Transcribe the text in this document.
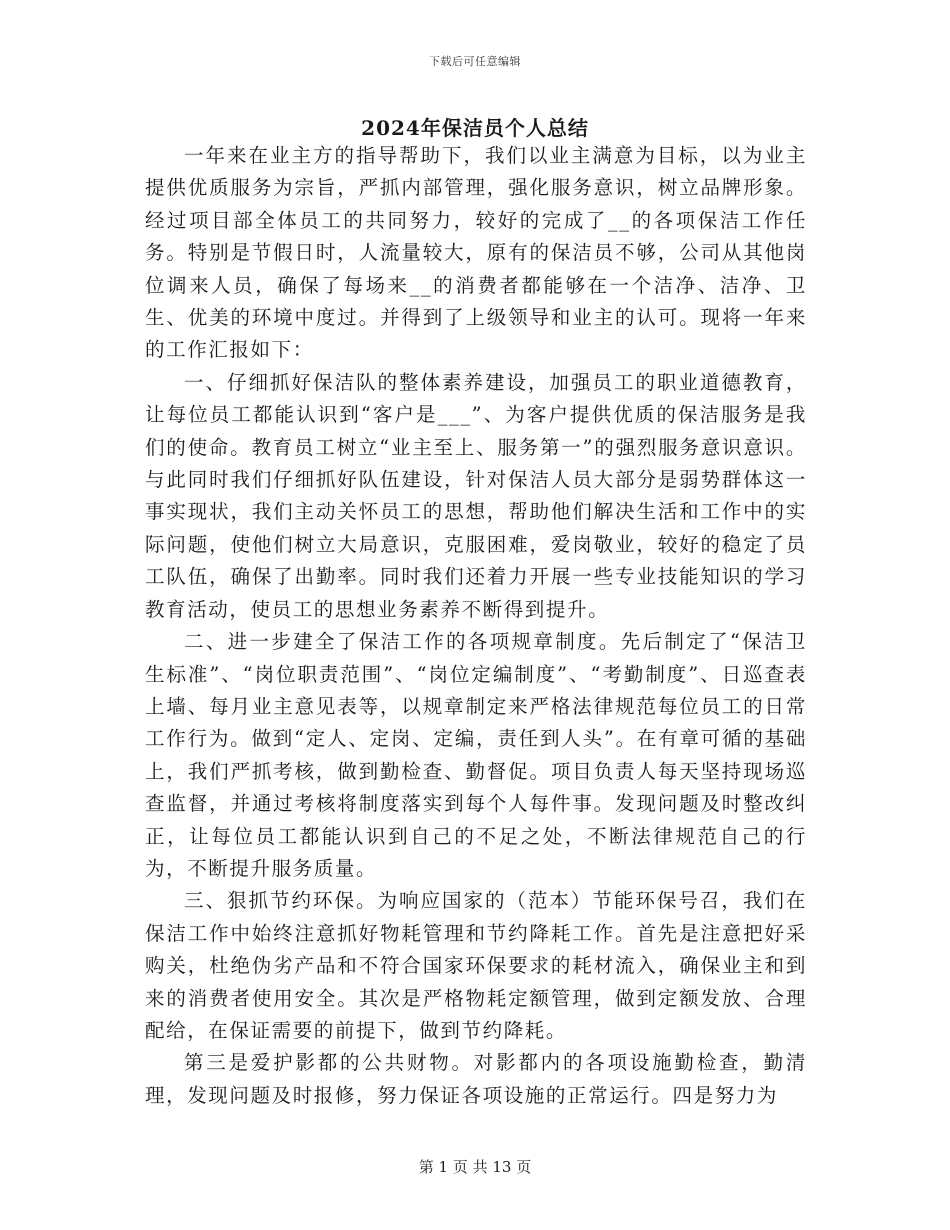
下载后可任意编辑
2024年保洁员个人总结

一年来在业主方的指导帮助下，我们以业主满意为目标，以为业主提供优质服务为宗旨，严抓内部管理，强化服务意识，树立品牌形象。经过项目部全体员工的共同努力，较好的完成了__的各项保洁工作任务。特别是节假日时，人流量较大，原有的保洁员不够，公司从其他岗位调来人员，确保了每场来__的消费者都能够在一个洁净、洁净、卫生、优美的环境中度过。并得到了上级领导和业主的认可。现将一年来的工作汇报如下：

一、仔细抓好保洁队的整体素养建设，加强员工的职业道德教育，让每位员工都能认识到“客户是___”、为客户提供优质的保洁服务是我们的使命。教育员工树立“业主至上、服务第一”的强烈服务意识意识。与此同时我们仔细抓好队伍建设，针对保洁人员大部分是弱势群体这一事实现状，我们主动关怀员工的思想，帮助他们解决生活和工作中的实际问题，使他们树立大局意识，克服困难，爱岗敬业，较好的稳定了员工队伍，确保了出勤率。同时我们还着力开展一些专业技能知识的学习教育活动，使员工的思想业务素养不断得到提升。

二、进一步建全了保洁工作的各项规章制度。先后制定了“保洁卫生标准”、“岗位职责范围”、“岗位定编制度”、“考勤制度”、日巡查表上墙、每月业主意见表等，以规章制定来严格法律规范每位员工的日常工作行为。做到“定人、定岗、定编，责任到人头”。在有章可循的基础上，我们严抓考核，做到勤检查、勤督促。项目负责人每天坚持现场巡查监督，并通过考核将制度落实到每个人每件事。发现问题及时整改纠正，让每位员工都能认识到自己的不足之处，不断法律规范自己的行为，不断提升服务质量。

三、狠抓节约环保。为响应国家的（范本）节能环保号召，我们在保洁工作中始终注意抓好物耗管理和节约降耗工作。首先是注意把好采购关，杜绝伪劣产品和不符合国家环保要求的耗材流入，确保业主和到来的消费者使用安全。其次是严格物耗定额管理，做到定额发放、合理配给，在保证需要的前提下，做到节约降耗。

第三是爱护影都的公共财物。对影都内的各项设施勤检查，勤清理，发现问题及时报修，努力保证各项设施的正常运行。四是努力为

第 1 页 共 13 页
